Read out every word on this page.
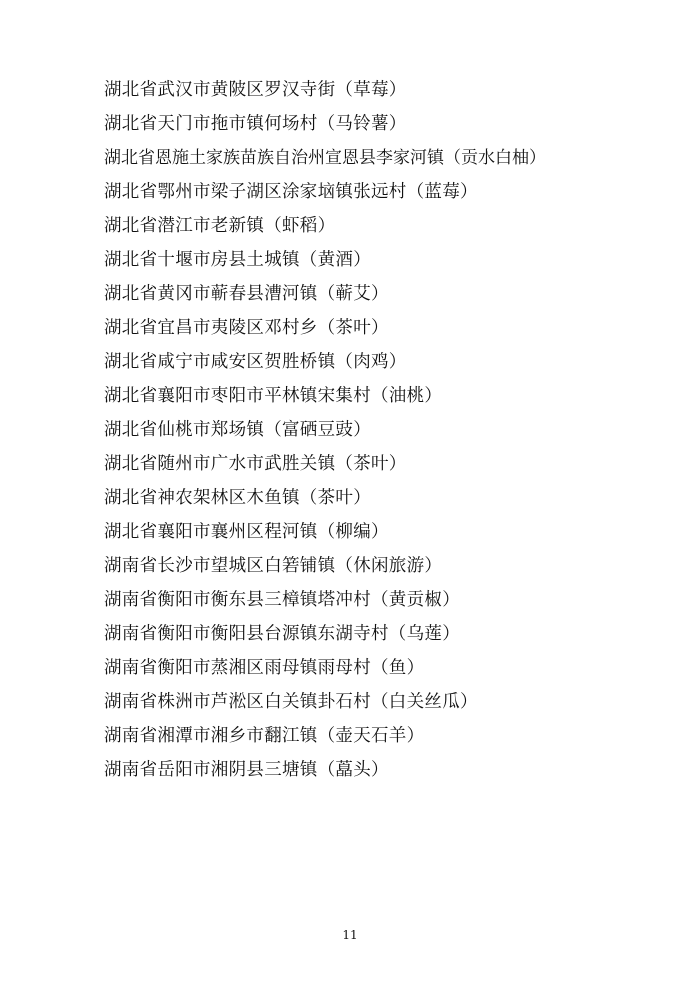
湖北省武汉市黄陂区罗汉寺街（草莓）
湖北省天门市拖市镇何场村（马铃薯）
湖北省恩施土家族苗族自治州宣恩县李家河镇（贡水白柚）
湖北省鄂州市梁子湖区涂家垴镇张远村（蓝莓）
湖北省潜江市老新镇（虾稻）
湖北省十堰市房县土城镇（黄酒）
湖北省黄冈市蕲春县漕河镇（蕲艾）
湖北省宜昌市夷陵区邓村乡（茶叶）
湖北省咸宁市咸安区贺胜桥镇（肉鸡）
湖北省襄阳市枣阳市平林镇宋集村（油桃）
湖北省仙桃市郑场镇（富硒豆豉）
湖北省随州市广水市武胜关镇（茶叶）
湖北省神农架林区木鱼镇（茶叶）
湖北省襄阳市襄州区程河镇（柳编）
湖南省长沙市望城区白箬铺镇（休闲旅游）
湖南省衡阳市衡东县三樟镇塔冲村（黄贡椒）
湖南省衡阳市衡阳县台源镇东湖寺村（乌莲）
湖南省衡阳市蒸湘区雨母镇雨母村（鱼）
湖南省株洲市芦淞区白关镇卦石村（白关丝瓜）
湖南省湘潭市湘乡市翻江镇（壶天石羊）
湖南省岳阳市湘阴县三塘镇（藠头）
11
